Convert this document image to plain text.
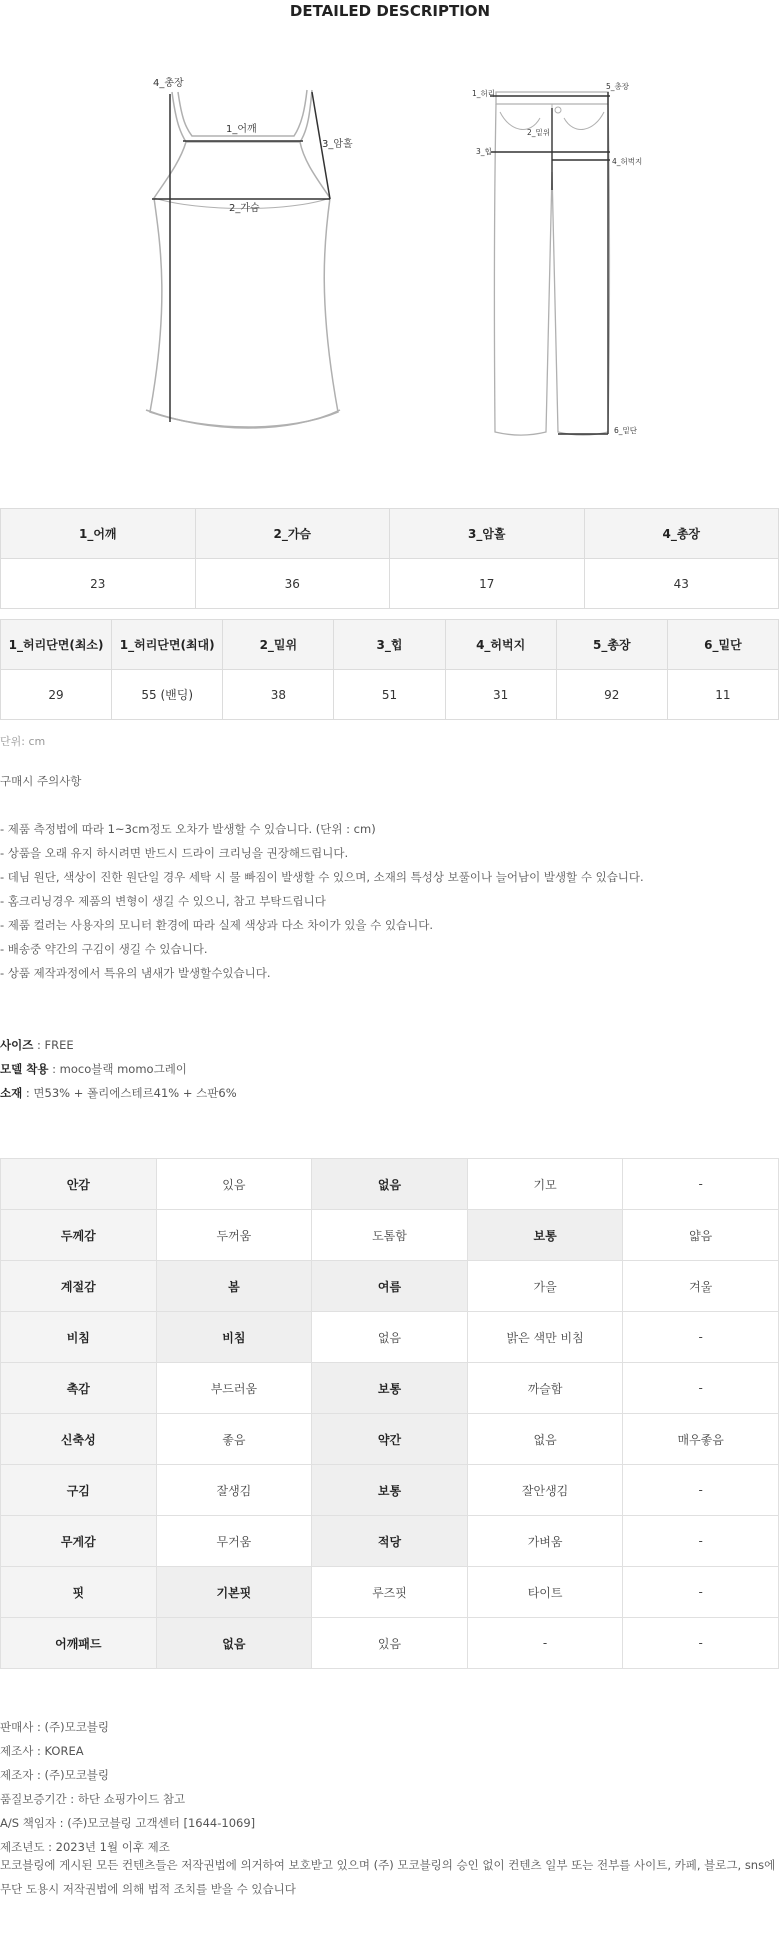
DETAILED DESCRIPTION
4_총장
1_어깨
2_가슴
3_암홀
1_허리
2_밑위
3_힙
4_허벅지
5_총장
6_밑단
1_어깨	2_가슴	3_암홀	4_총장
23	36	17	43
1_허리단면(최소)	1_허리단면(최대)	2_밑위	3_힙	4_허벅지	5_총장	6_밑단
29	55 (밴딩)	38	51	31	92	11
단위: cm
구매시 주의사항
- 제품 측정법에 따라 1~3cm정도 오차가 발생할 수 있습니다. (단위 : cm)
- 상품을 오래 유지 하시려면 반드시 드라이 크리닝을 권장해드립니다.
- 데님 원단, 색상이 진한 원단일 경우 세탁 시 물 빠짐이 발생할 수 있으며, 소재의 특성상 보풀이나 늘어남이 발생할 수 있습니다.
- 홈크리닝경우 제품의 변형이 생길 수 있으니, 참고 부탁드립니다
- 제품 컬러는 사용자의 모니터 환경에 따라 실제 색상과 다소 차이가 있을 수 있습니다.
- 배송중 약간의 구김이 생길 수 있습니다.
- 상품 제작과정에서 특유의 냄새가 발생할수있습니다.
사이즈 : FREE
모델 착용 : moco블랙 momo그레이
소재 : 면53% + 폴리에스테르41% + 스판6%
안감	있음	없음	기모	-
두께감	두꺼움	도톰함	보통	얇음
계절감	봄	여름	가을	겨울
비침	비침	없음	밝은 색만 비침	-
촉감	부드러움	보통	까슬함	-
신축성	좋음	약간	없음	매우좋음
구김	잘생김	보통	잘안생김	-
무게감	무거움	적당	가벼움	-
핏	기본핏	루즈핏	타이트	-
어깨패드	없음	있음	-	-
판매사 : (주)모코블링
제조사 : KOREA
제조자 : (주)모코블링
품질보증기간 : 하단 쇼핑가이드 참고
A/S 책임자 : (주)모코블링 고객센터 [1644-1069]
제조년도 : 2023년 1월 이후 제조
모코블링에 게시된 모든 컨텐츠들은 저작권법에 의거하여 보호받고 있으며 (주) 모코블링의 승인 없이 컨텐츠 일부 또는 전부를 사이트, 카페, 블로그, sns에 무단 도용시 저작권법에 의해 법적 조치를 받을 수 있습니다
